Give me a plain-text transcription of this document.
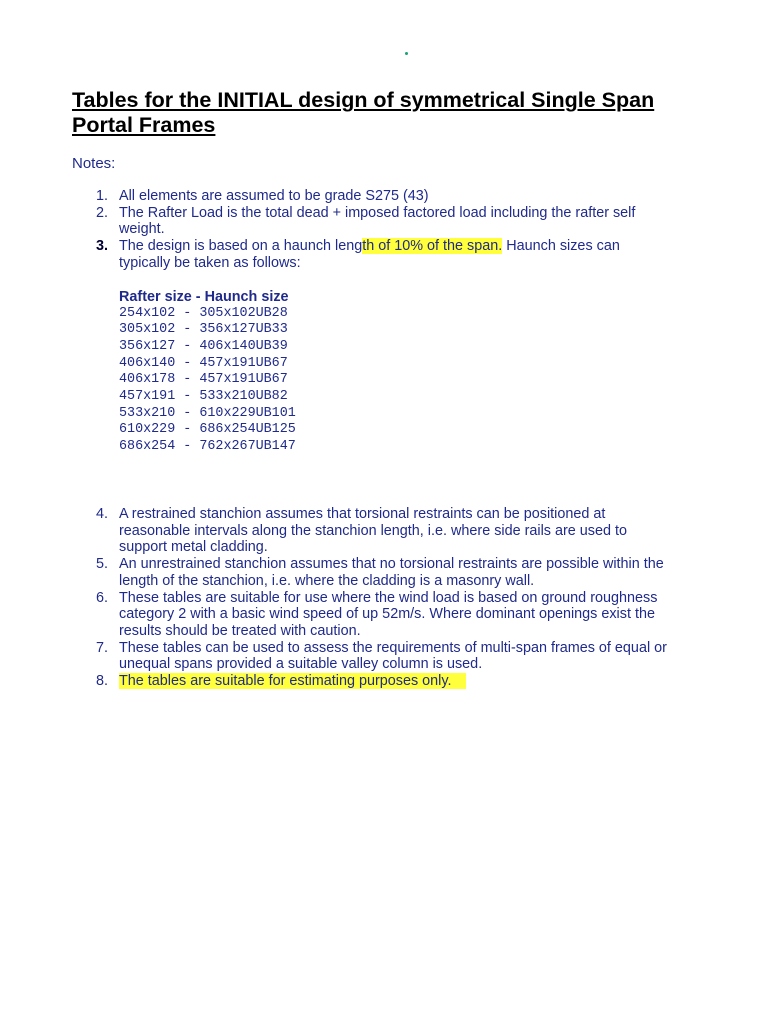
Tables for the INITIAL design of symmetrical Single Span Portal Frames
Notes:
1. All elements are assumed to be grade S275 (43)
2. The Rafter Load is the total dead + imposed factored load including the rafter self weight.
3. The design is based on a haunch length of 10% of the span. Haunch sizes can typically be taken as follows:
Rafter size - Haunch size
254x102 - 305x102UB28
305x102 - 356x127UB33
356x127 - 406x140UB39
406x140 - 457x191UB67
406x178 - 457x191UB67
457x191 - 533x210UB82
533x210 - 610x229UB101
610x229 - 686x254UB125
686x254 - 762x267UB147
4. A restrained stanchion assumes that torsional restraints can be positioned at reasonable intervals along the stanchion length, i.e. where side rails are used to support metal cladding.
5. An unrestrained stanchion assumes that no torsional restraints are possible within the length of the stanchion, i.e. where the cladding is a masonry wall.
6. These tables are suitable for use where the wind load is based on ground roughness category 2 with a basic wind speed of up 52m/s. Where dominant openings exist the results should be treated with caution.
7. These tables can be used to assess the requirements of multi-span frames of equal or unequal spans provided a suitable valley column is used.
8. The tables are suitable for estimating purposes only.
